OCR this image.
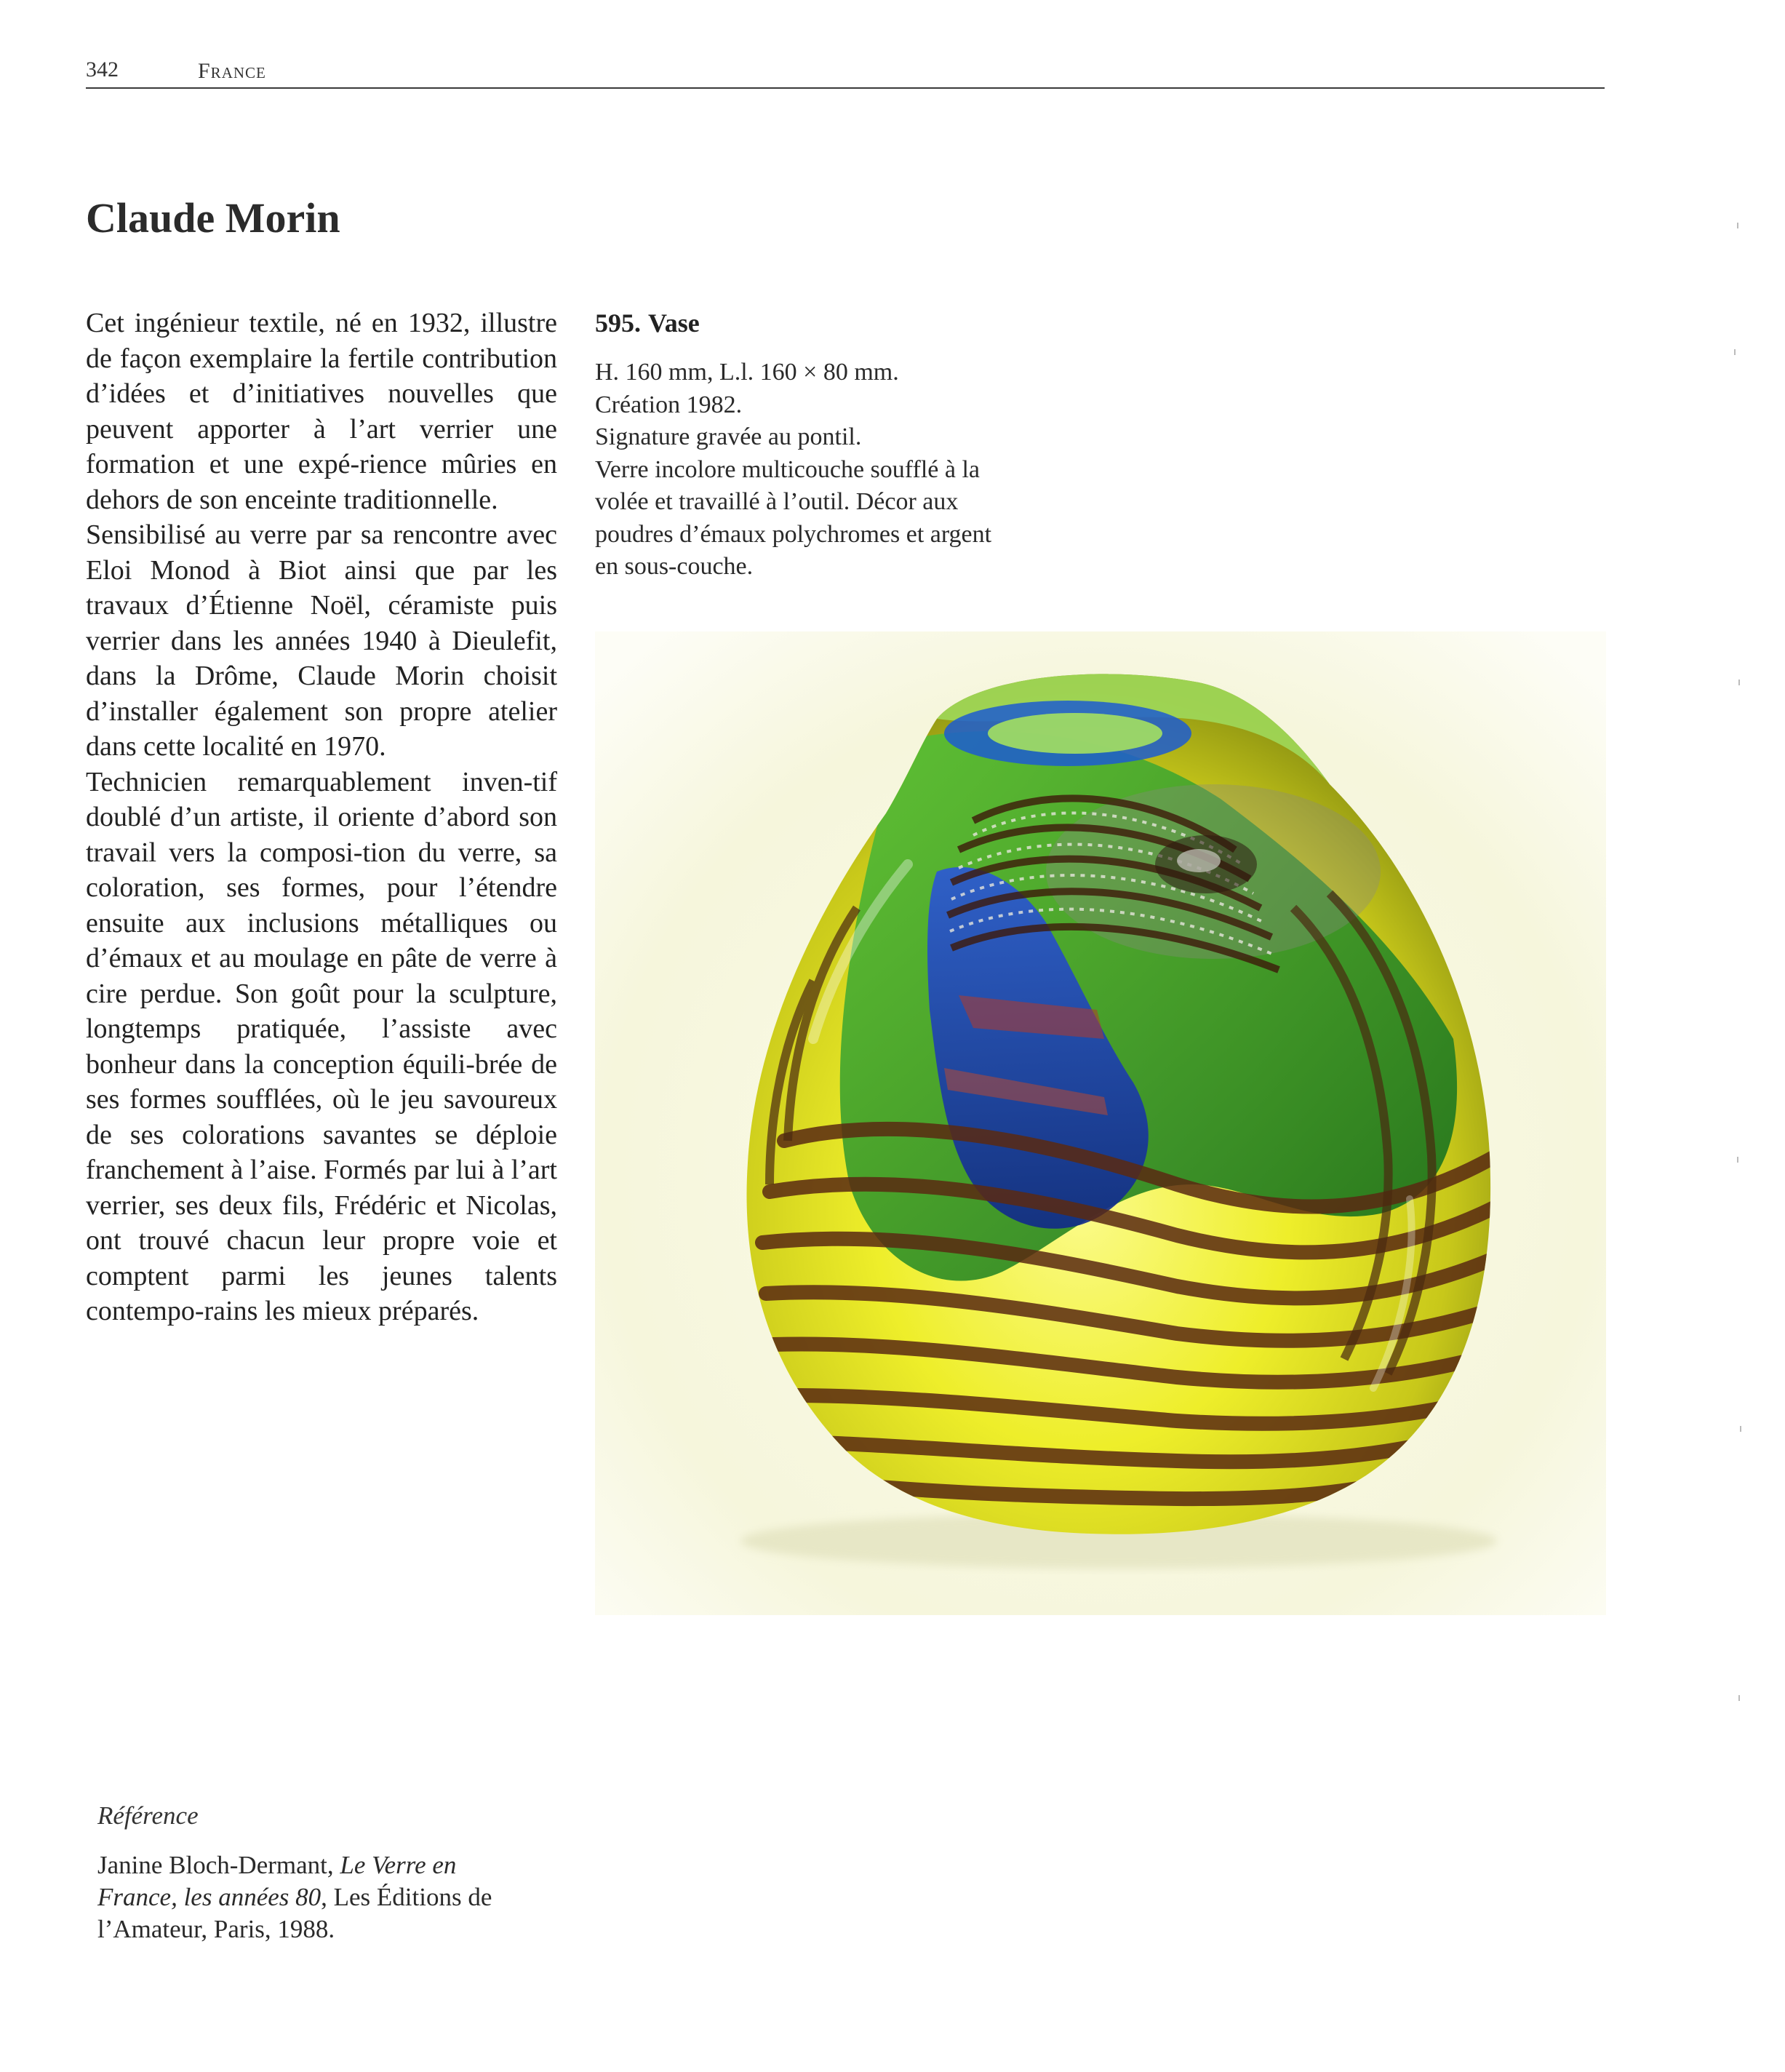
342	France
Claude Morin

Cet ingénieur textile, né en 1932, illustre de façon exemplaire la fertile contribution d’idées et d’initiatives nouvelles que peuvent apporter à l’art verrier une formation et une expé-rience mûries en dehors de son enceinte traditionnelle.

Sensibilisé au verre par sa rencontre avec Eloi Monod à Biot ainsi que par les travaux d’Étienne Noël, céramiste puis verrier dans les années 1940 à Dieulefit, dans la Drôme, Claude Morin choisit d’installer également son propre atelier dans cette localité en 1970.

Technicien remarquablement inven-tif doublé d’un artiste, il oriente d’abord son travail vers la composi-tion du verre, sa coloration, ses formes, pour l’étendre ensuite aux inclusions métalliques ou d’émaux et au moulage en pâte de verre à cire perdue. Son goût pour la sculpture, longtemps pratiquée, l’assiste avec bonheur dans la conception équili-brée de ses formes soufflées, où le jeu savoureux de ses colorations savantes se déploie franchement à l’aise. Formés par lui à l’art verrier, ses deux fils, Frédéric et Nicolas, ont trouvé chacun leur propre voie et comptent parmi les jeunes talents contempo-rains les mieux préparés.

595. Vase
H. 160 mm, L.l. 160 × 80 mm.
Création 1982.
Signature gravée au pontil.
Verre incolore multicouche soufflé à la
volée et travaillé à l’outil. Décor aux
poudres d’émaux polychromes et argent
en sous-couche.
Référence
Janine Bloch-Dermant, Le Verre en
France, les années 80, Les Éditions de
l’Amateur, Paris, 1988.
